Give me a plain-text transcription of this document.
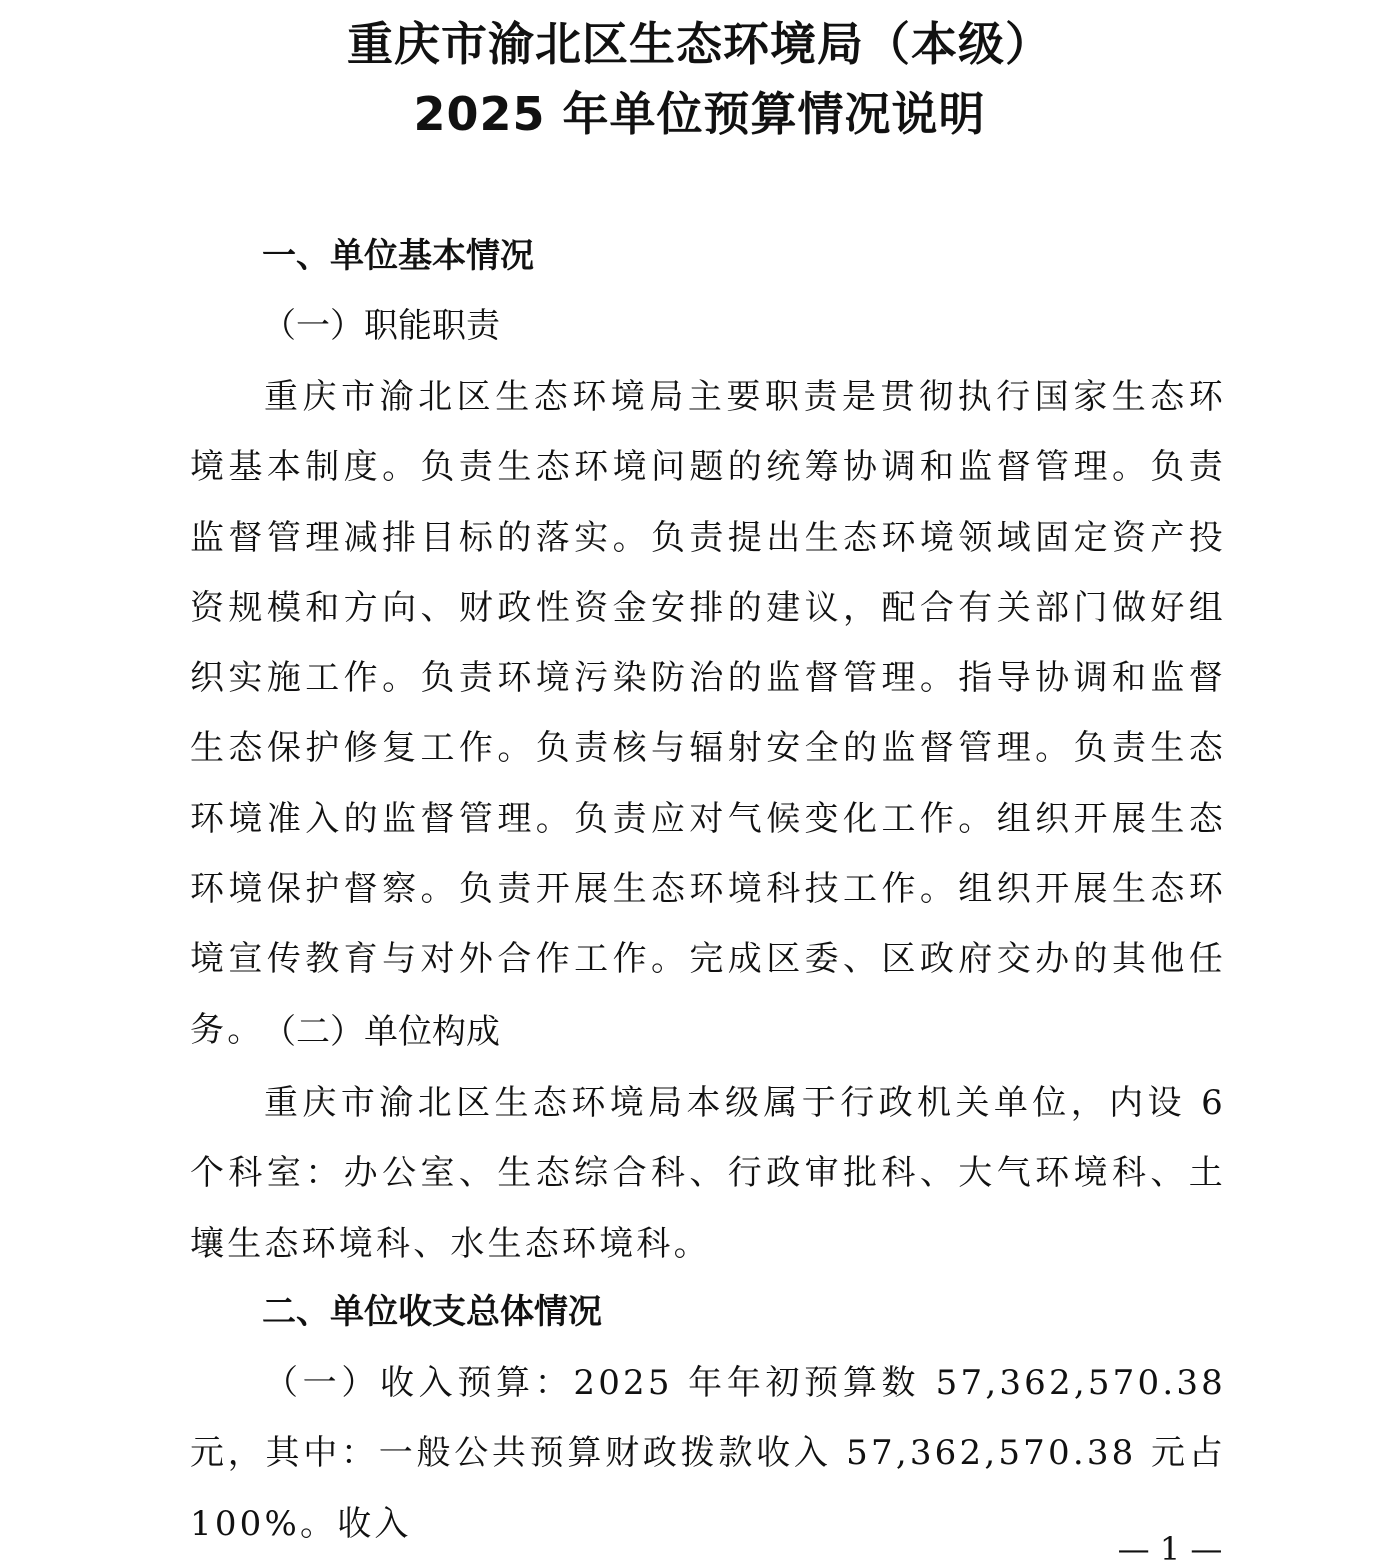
重庆市渝北区生态环境局（本级）
2025 年单位预算情况说明
一、单位基本情况
（一）职能职责
重庆市渝北区生态环境局主要职责是贯彻执行国家生态环境基本制度。负责生态环境问题的统筹协调和监督管理。负责监督管理减排目标的落实。负责提出生态环境领域固定资产投资规模和方向、财政性资金安排的建议，配合有关部门做好组织实施工作。负责环境污染防治的监督管理。指导协调和监督生态保护修复工作。负责核与辐射安全的监督管理。负责生态环境准入的监督管理。负责应对气候变化工作。组织开展生态环境保护督察。负责开展生态环境科技工作。组织开展生态环境宣传教育与对外合作工作。完成区委、区政府交办的其他任务。
（二）单位构成
重庆市渝北区生态环境局本级属于行政机关单位，内设 6 个科室：办公室、生态综合科、行政审批科、大气环境科、土壤生态环境科、水生态环境科。
二、单位收支总体情况
（一）收入预算：2025 年年初预算数 57,362,570.38 元，其中：一般公共预算财政拨款收入 57,362,570.38 元占 100%。收入
— 1 —
